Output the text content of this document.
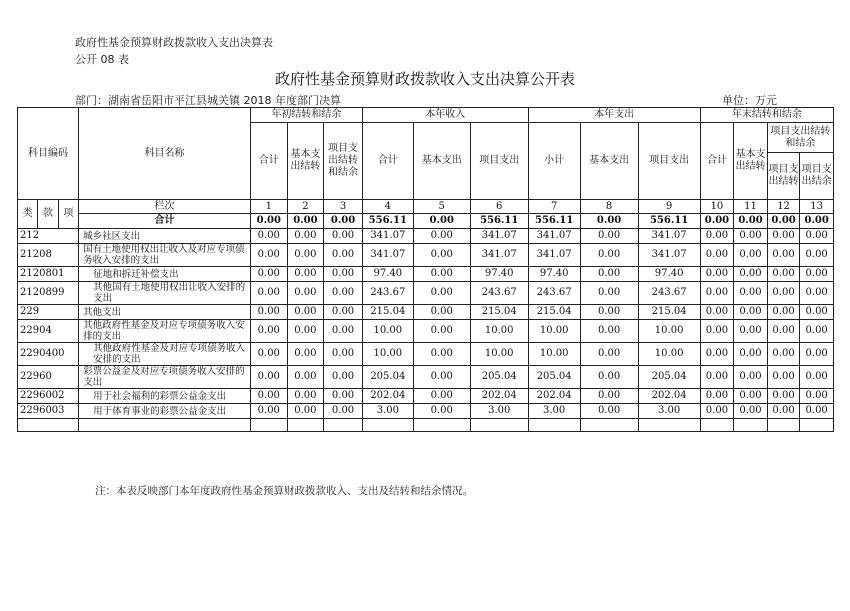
政府性基金预算财政拨款收入支出决算表
公开 08 表
政府性基金预算财政拨款收入支出决算公开表
部门：湖南省岳阳市平江县城关镇 2018 年度部门决算	单位：万元
科目编码			科目名称	年初结转和结余			本年收入			本年支出			年末结转和结余			
				合计	基本支出结转	项目支出结转和结余	合计	基本支出	项目支出	小计	基本支出	项目支出	合计	基本支出结转	项目支出结转和结余	
															项目支出结转	项目支出结余
类	款	项	栏次	1	2	3	4	5	6	7	8	9	10	11	12	13
			合计	0.00	0.00	0.00	556.11	0.00	556.11	556.11	0.00	556.11	0.00	0.00	0.00	0.00
212			城乡社区支出	0.00	0.00	0.00	341.07	0.00	341.07	341.07	0.00	341.07	0.00	0.00	0.00	0.00
21208			国有土地使用权出让收入及对应专项债务收入安排的支出	0.00	0.00	0.00	341.07	0.00	341.07	341.07	0.00	341.07	0.00	0.00	0.00	0.00
2120801			征地和拆迁补偿支出	0.00	0.00	0.00	97.40	0.00	97.40	97.40	0.00	97.40	0.00	0.00	0.00	0.00
2120899			其他国有土地使用权出让收入安排的支出	0.00	0.00	0.00	243.67	0.00	243.67	243.67	0.00	243.67	0.00	0.00	0.00	0.00
229			其他支出	0.00	0.00	0.00	215.04	0.00	215.04	215.04	0.00	215.04	0.00	0.00	0.00	0.00
22904			其他政府性基金及对应专项债务收入安排的支出	0.00	0.00	0.00	10.00	0.00	10.00	10.00	0.00	10.00	0.00	0.00	0.00	0.00
2290400			其他政府性基金及对应专项债务收入安排的支出	0.00	0.00	0.00	10.00	0.00	10.00	10.00	0.00	10.00	0.00	0.00	0.00	0.00
22960			彩票公益金及对应专项债务收入安排的支出	0.00	0.00	0.00	205.04	0.00	205.04	205.04	0.00	205.04	0.00	0.00	0.00	0.00
2296002			用于社会福利的彩票公益金支出	0.00	0.00	0.00	202.04	0.00	202.04	202.04	0.00	202.04	0.00	0.00	0.00	0.00
2296003			用于体育事业的彩票公益金支出	0.00	0.00	0.00	3.00	0.00	3.00	3.00	0.00	3.00	0.00	0.00	0.00	0.00

注：本表反映部门本年度政府性基金预算财政拨款收入、支出及结转和结余情况。
